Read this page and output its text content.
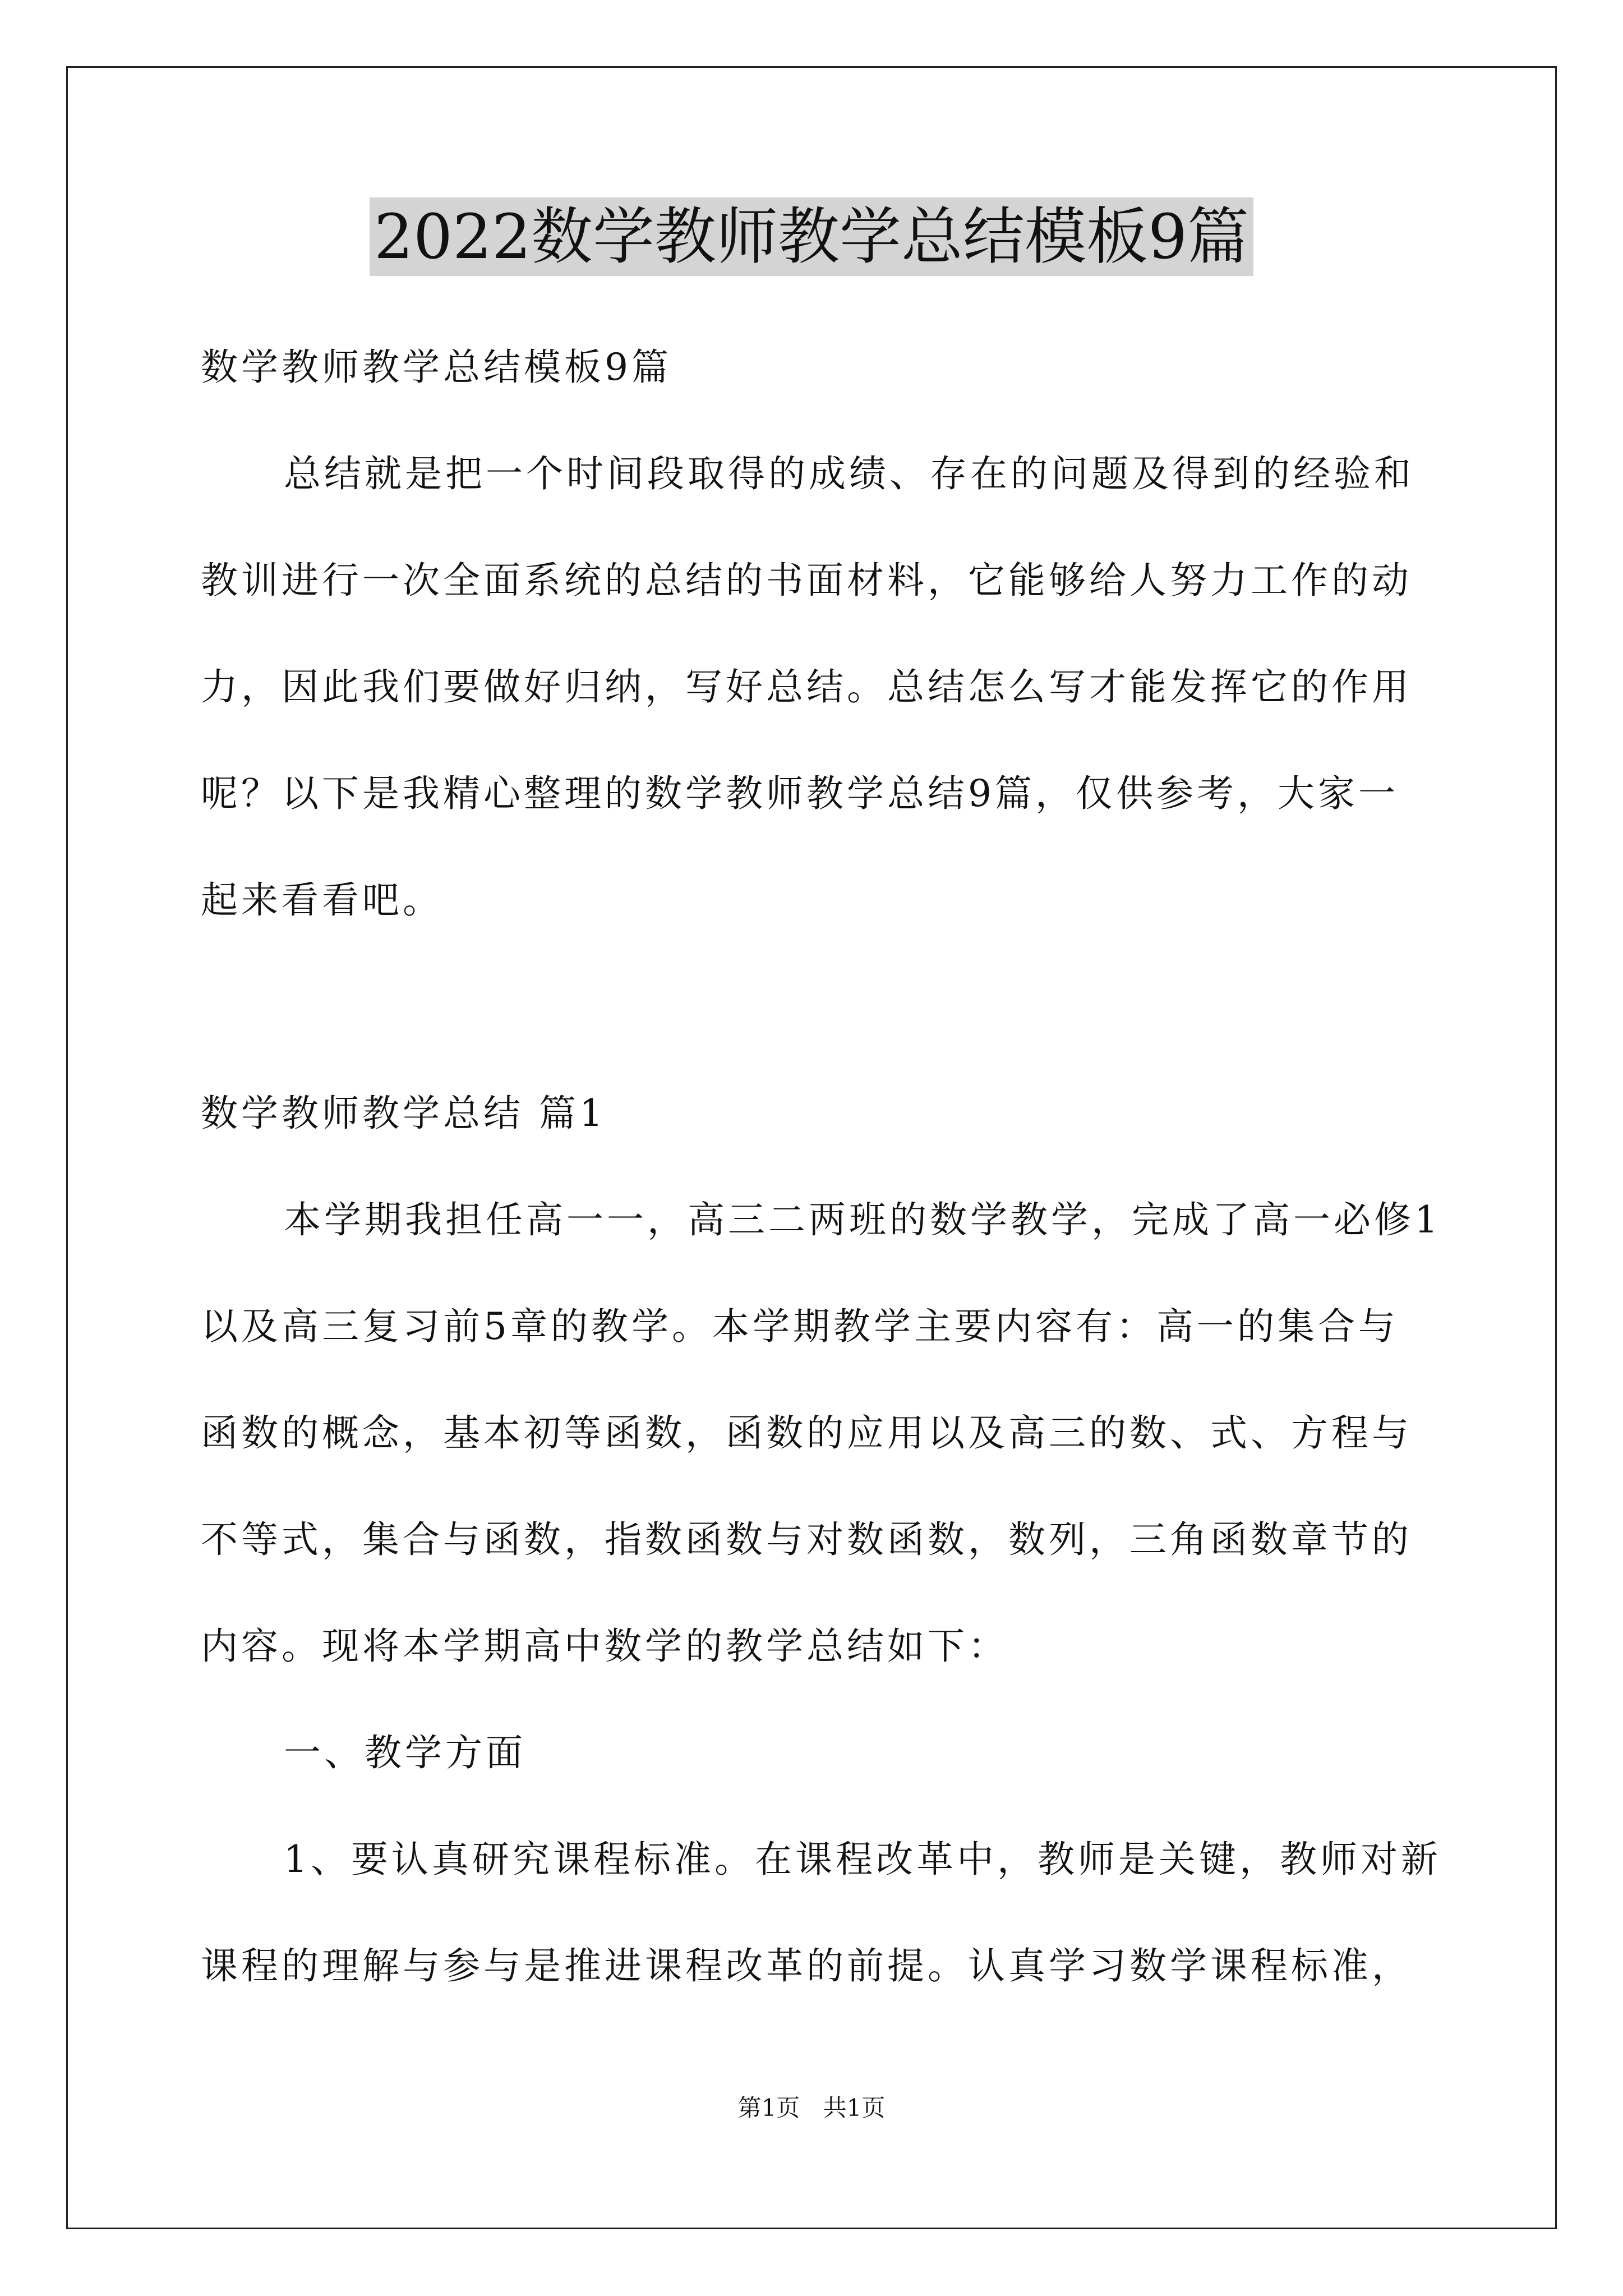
2022数学教师教学总结模板9篇
数学教师教学总结模板9篇
总结就是把一个时间段取得的成绩、存在的问题及得到的经验和
教训进行一次全面系统的总结的书面材料，它能够给人努力工作的动
力，因此我们要做好归纳，写好总结。总结怎么写才能发挥它的作用
呢？以下是我精心整理的数学教师教学总结9篇，仅供参考，大家一
起来看看吧。
数学教师教学总结 篇1
本学期我担任高一一，高三二两班的数学教学，完成了高一必修1
以及高三复习前5章的教学。本学期教学主要内容有：高一的集合与
函数的概念，基本初等函数，函数的应用以及高三的数、式、方程与
不等式，集合与函数，指数函数与对数函数，数列，三角函数章节的
内容。现将本学期高中数学的教学总结如下：
一、教学方面
1、要认真研究课程标准。在课程改革中，教师是关键，教师对新
课程的理解与参与是推进课程改革的前提。认真学习数学课程标准，
第1页 共1页
